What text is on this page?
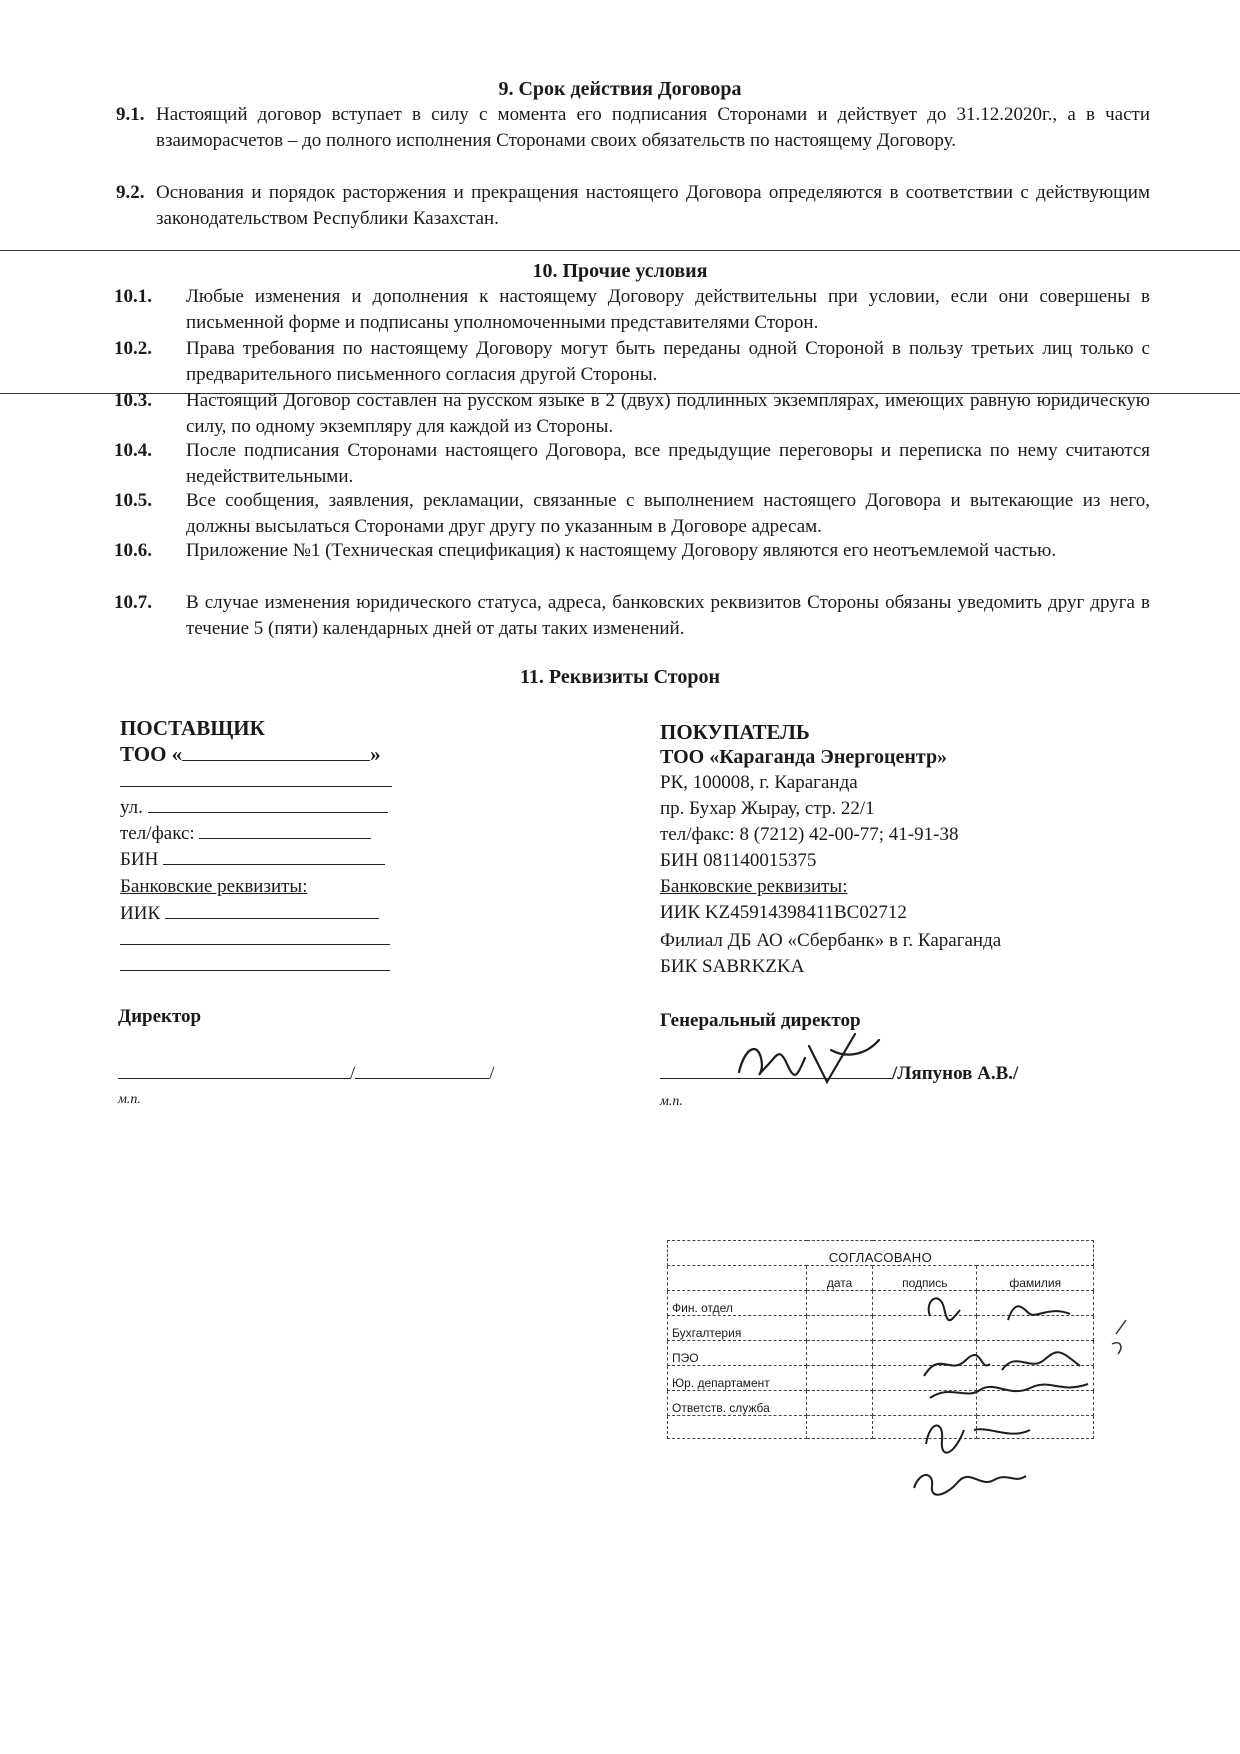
9. Срок действия Договора
9.1. Настоящий договор вступает в силу с момента его подписания Сторонами и действует до 31.12.2020г., а в части взаиморасчетов – до полного исполнения Сторонами своих обязательств по настоящему Договору.
9.2. Основания и порядок расторжения и прекращения настоящего Договора определяются в соответствии с действующим законодательством Республики Казахстан.
10. Прочие условия
10.1.	Любые изменения и дополнения к настоящему Договору действительны при условии, если они совершены в письменной форме и подписаны уполномоченными представителями Сторон.
10.2.	Права требования по настоящему Договору могут быть переданы одной Стороной в пользу третьих лиц только с предварительного письменного согласия другой Стороны.
10.3.	Настоящий Договор составлен на русском языке в 2 (двух) подлинных экземплярах, имеющих равную юридическую силу, по одному экземпляру для каждой из Стороны.
10.4.	После подписания Сторонами настоящего Договора, все предыдущие переговоры и переписка по нему считаются недействительными.
10.5.	Все сообщения, заявления, рекламации, связанные с выполнением настоящего Договора и вытекающие из него, должны высылаться Сторонами друг другу по указанным в Договоре адресам.
10.6.	Приложение №1 (Техническая спецификация) к настоящему Договору являются его неотъемлемой частью.
10.7.	В случае изменения юридического статуса, адреса, банковских реквизитов Стороны обязаны уведомить друг друга в течение 5 (пяти) календарных дней от даты таких изменений.
11. Реквизиты Сторон
ПОСТАВЩИК
ТОО «	»
ул.
тел/факс:
БИН
Банковские реквизиты:
ИИК
Директор
/	/
м.п.
ПОКУПАТЕЛЬ
ТОО «Караганда Энергоцентр»
РК, 100008, г. Караганда
пр. Бухар Жырау, стр. 22/1
тел/факс: 8 (7212) 42-00-77; 41-91-38
БИН 081140015375
Банковские реквизиты:
ИИК KZ45914398411BC02712
Филиал ДБ АО «Сбербанк» в г. Караганда
БИК SABRKZKA
Генеральный директор
/Ляпунов А.В./
м.п.
СОГЛАСОВАНО			
	дата	подпись	фамилия
Фин. отдел			
Бухгалтерия			
ПЭО			
Юр. департамент			
Ответств. служба			
